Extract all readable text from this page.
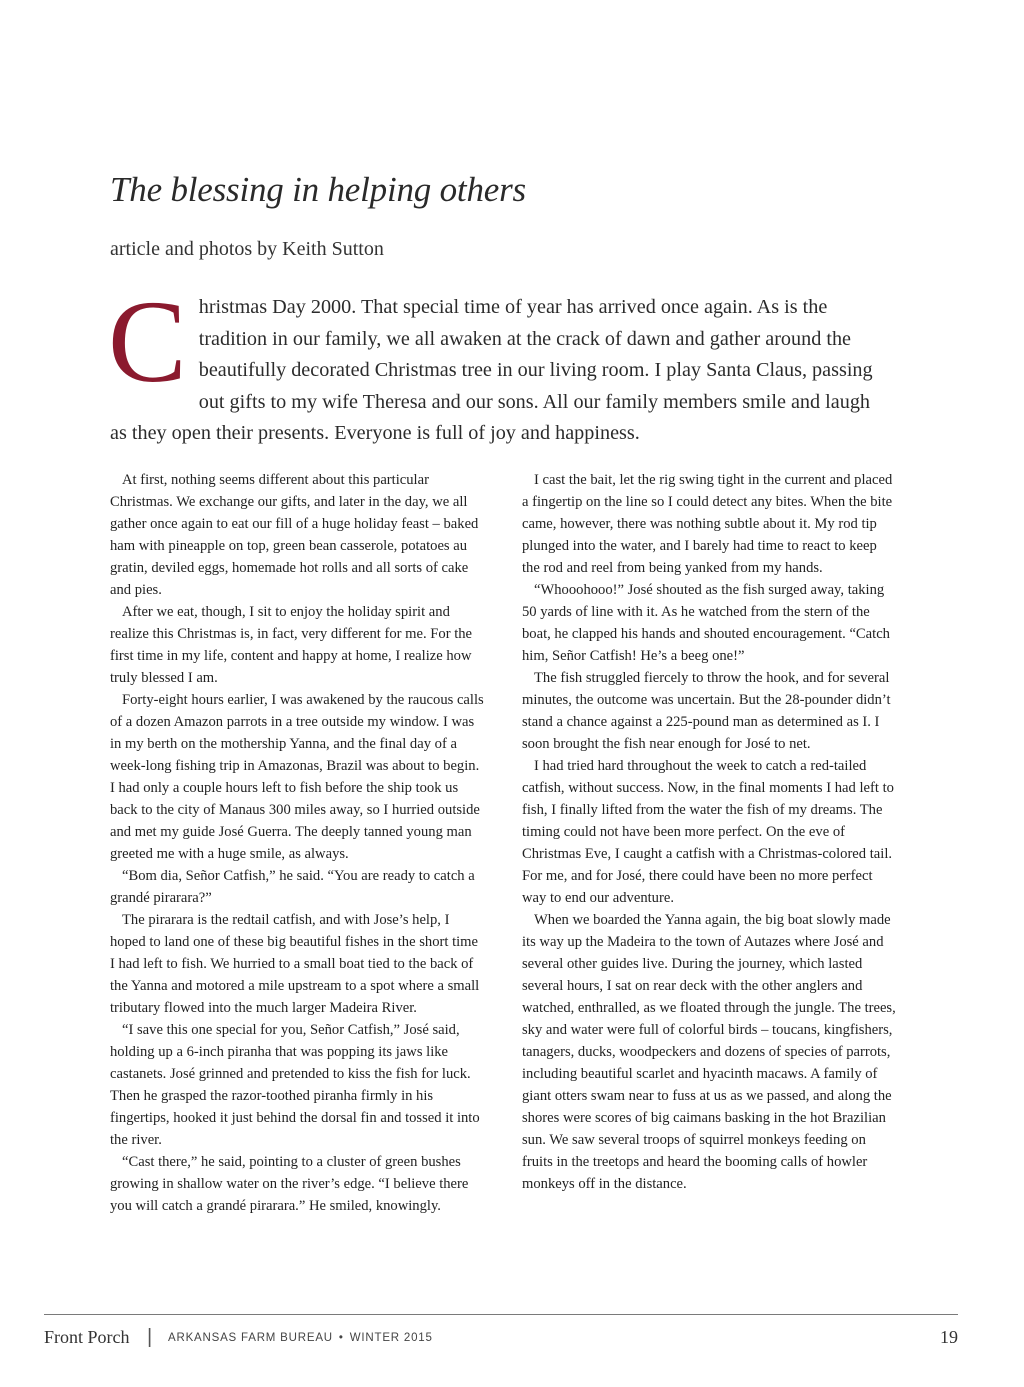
The blessing in helping others
article and photos by Keith Sutton
Christmas Day 2000. That special time of year has arrived once again. As is the tradition in our family, we all awaken at the crack of dawn and gather around the beautifully decorated Christmas tree in our living room. I play Santa Claus, passing out gifts to my wife Theresa and our sons. All our family members smile and laugh as they open their presents. Everyone is full of joy and happiness.

At first, nothing seems different about this particular Christmas. We exchange our gifts, and later in the day, we all gather once again to eat our fill of a huge holiday feast – baked ham with pineapple on top, green bean casserole, potatoes au gratin, deviled eggs, homemade hot rolls and all sorts of cake and pies.

After we eat, though, I sit to enjoy the holiday spirit and realize this Christmas is, in fact, very different for me. For the first time in my life, content and happy at home, I realize how truly blessed I am.

Forty-eight hours earlier, I was awakened by the raucous calls of a dozen Amazon parrots in a tree outside my window. I was in my berth on the mothership Yanna, and the final day of a week-long fishing trip in Amazonas, Brazil was about to begin. I had only a couple hours left to fish before the ship took us back to the city of Manaus 300 miles away, so I hurried outside and met my guide José Guerra. The deeply tanned young man greeted me with a huge smile, as always.

“Bom dia, Señor Catfish,” he said. “You are ready to catch a grandé pirarara?”

The pirarara is the redtail catfish, and with Jose’s help, I hoped to land one of these big beautiful fishes in the short time I had left to fish. We hurried to a small boat tied to the back of the Yanna and motored a mile upstream to a spot where a small tributary flowed into the much larger Madeira River.

“I save this one special for you, Señor Catfish,” José said, holding up a 6-inch piranha that was popping its jaws like castanets. José grinned and pretended to kiss the fish for luck. Then he grasped the razor-toothed piranha firmly in his fingertips, hooked it just behind the dorsal fin and tossed it into the river.

“Cast there,” he said, pointing to a cluster of green bushes growing in shallow water on the river’s edge. “I believe there you will catch a grandé pirarara.” He smiled, knowingly.

I cast the bait, let the rig swing tight in the current and placed a fingertip on the line so I could detect any bites. When the bite came, however, there was nothing subtle about it. My rod tip plunged into the water, and I barely had time to react to keep the rod and reel from being yanked from my hands.

“Whooohooo!” José shouted as the fish surged away, taking 50 yards of line with it. As he watched from the stern of the boat, he clapped his hands and shouted encouragement. “Catch him, Señor Catfish! He’s a beeg one!”

The fish struggled fiercely to throw the hook, and for several minutes, the outcome was uncertain. But the 28-pounder didn’t stand a chance against a 225-pound man as determined as I. I soon brought the fish near enough for José to net.

I had tried hard throughout the week to catch a red-tailed catfish, without success. Now, in the final moments I had left to fish, I finally lifted from the water the fish of my dreams. The timing could not have been more perfect. On the eve of Christmas Eve, I caught a catfish with a Christmas-colored tail. For me, and for José, there could have been no more perfect way to end our adventure.

When we boarded the Yanna again, the big boat slowly made its way up the Madeira to the town of Autazes where José and several other guides live. During the journey, which lasted several hours, I sat on rear deck with the other anglers and watched, enthralled, as we floated through the jungle. The trees, sky and water were full of colorful birds – toucans, kingfishers, tanagers, ducks, woodpeckers and dozens of species of parrots, including beautiful scarlet and hyacinth macaws. A family of giant otters swam near to fuss at us as we passed, and along the shores were scores of big caimans basking in the hot Brazilian sun. We saw several troops of squirrel monkeys feeding on fruits in the treetops and heard the booming calls of howler monkeys off in the distance.

Front Porch | ARKANSAS FARM BUREAU • WINTER 2015	19
